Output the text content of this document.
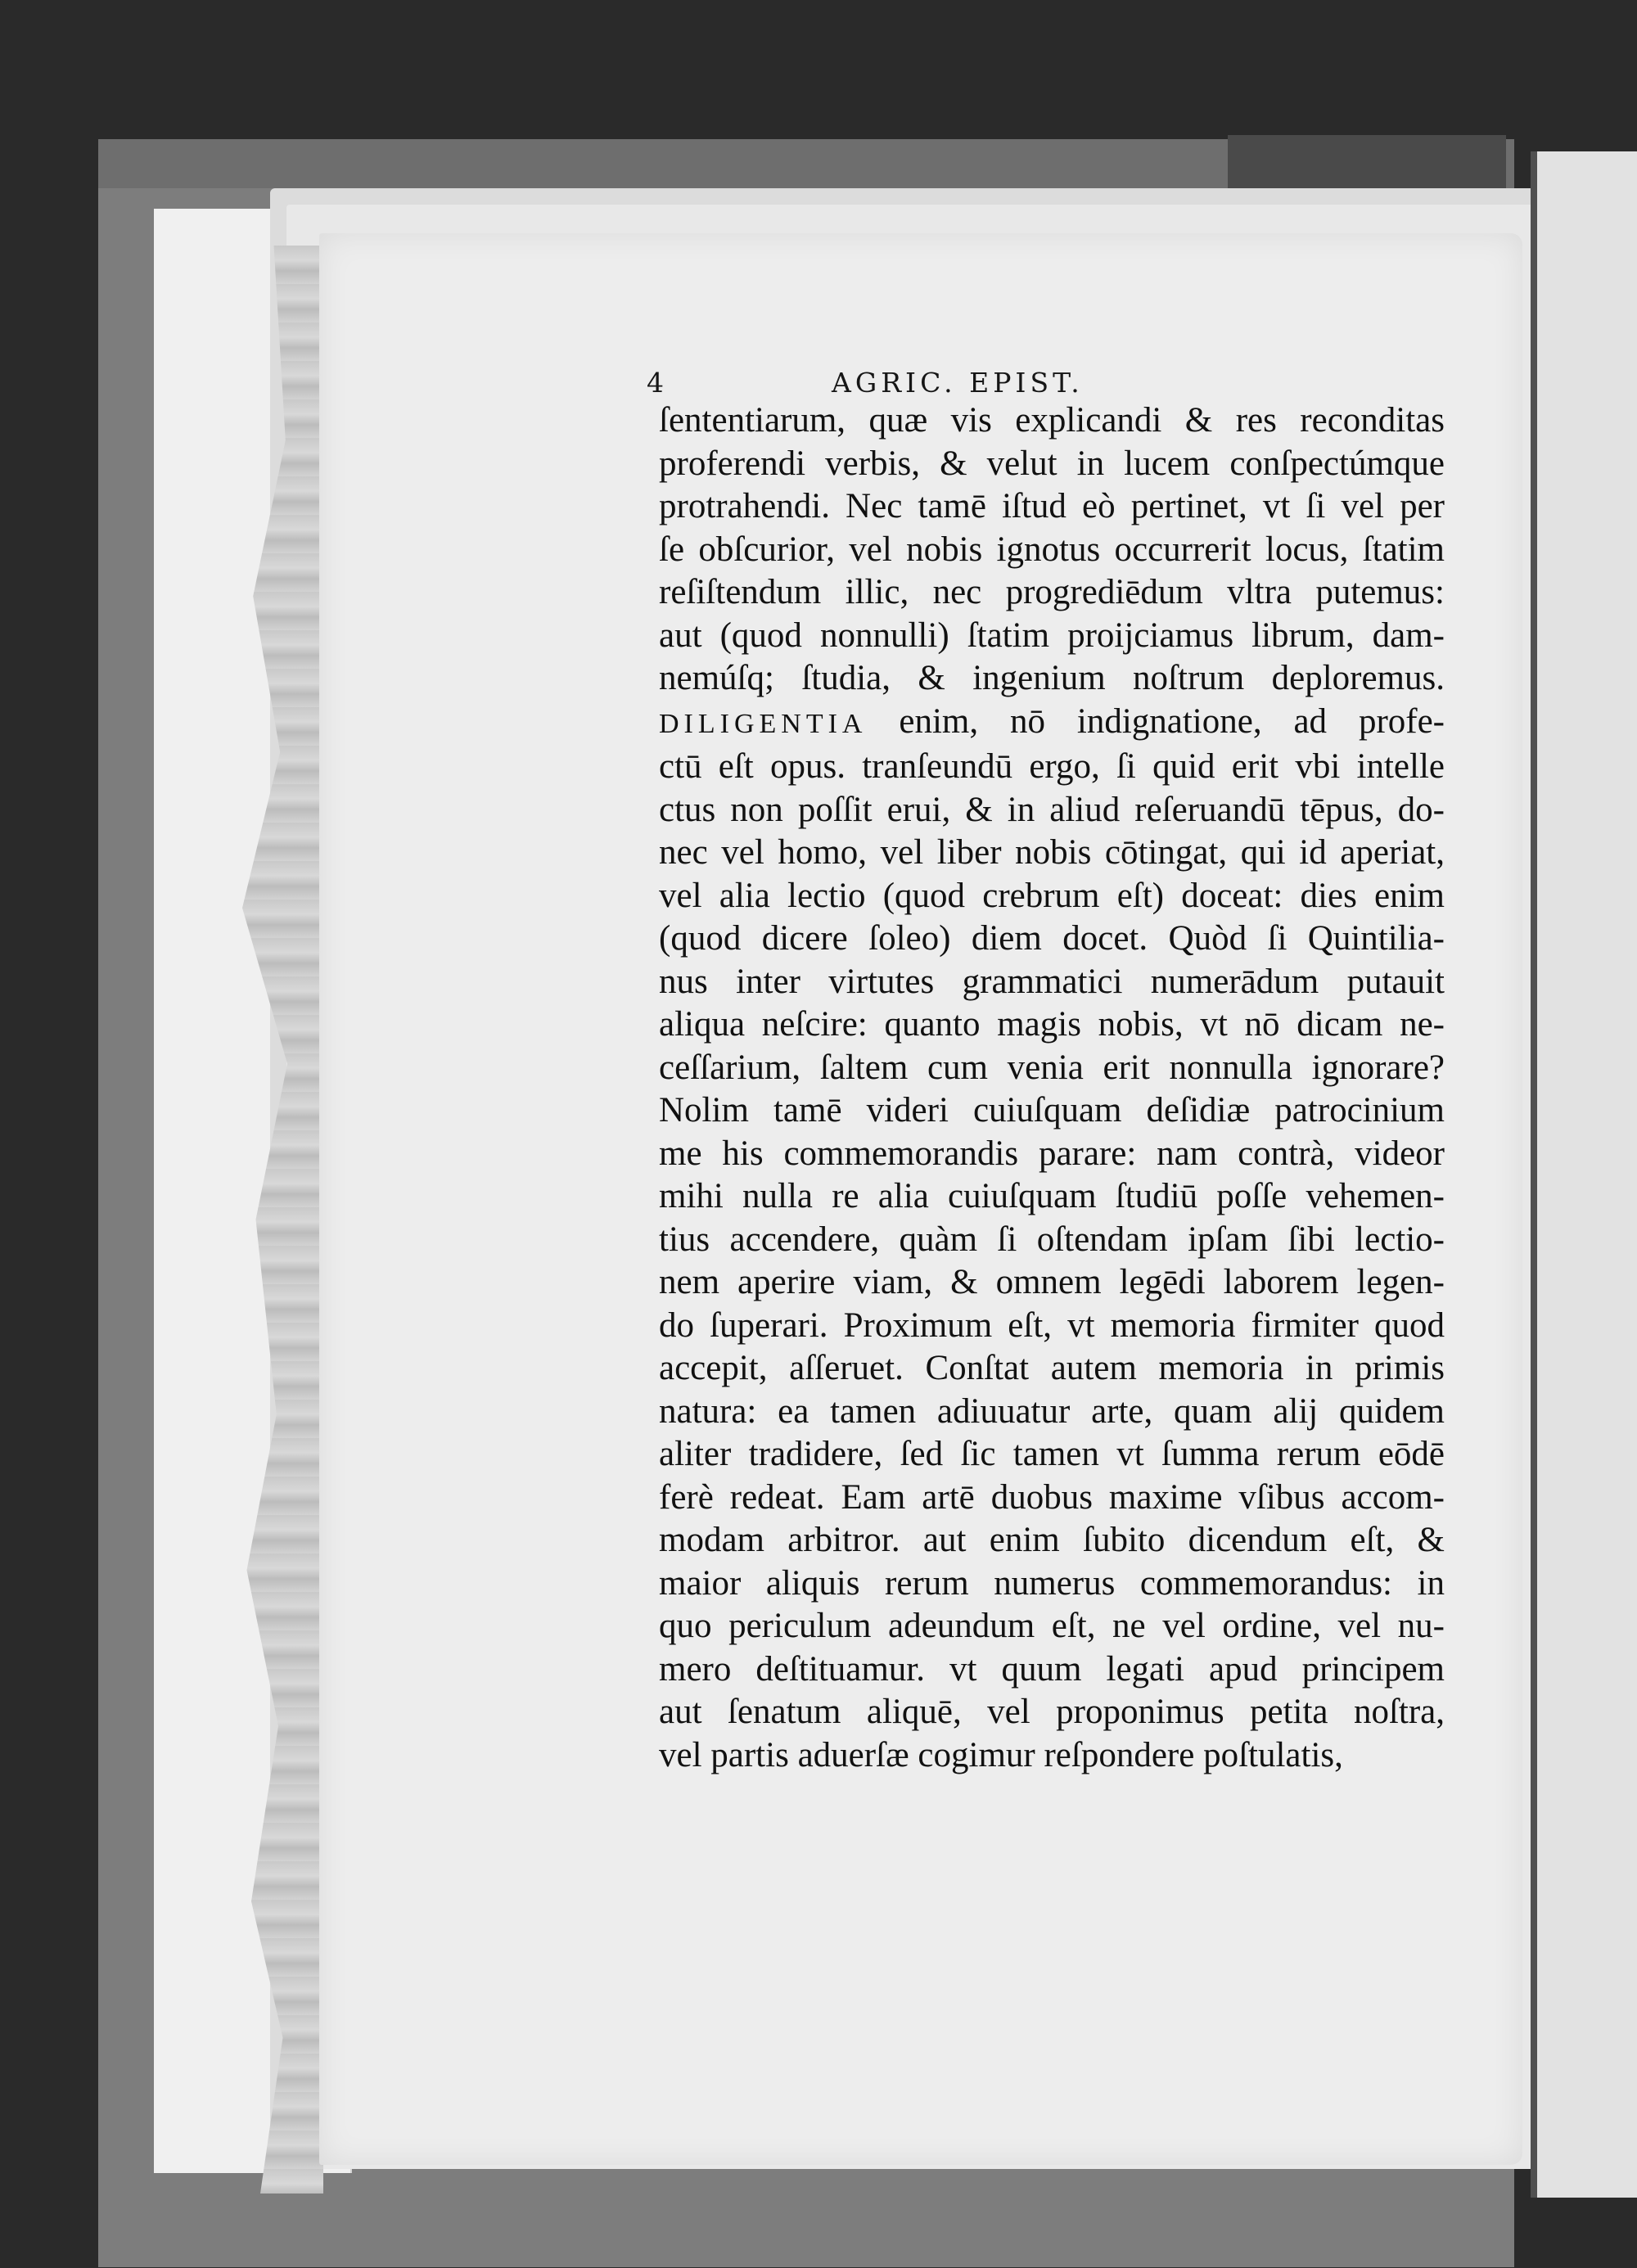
4	AGRIC. EPIST.
ſententiarum, quæ vis explicandi & res reconditas
proferendi verbis, & velut in lucem conſpectúmque
protrahendi. Nec tamē iſtud eò pertinet, vt ſi vel per
ſe obſcurior, vel nobis ignotus occurrerit locus, ſtatim
reſiſtendum illic, nec progrediēdum vltra putemus:
aut (quod nonnulli) ſtatim proijciamus librum, dam-
nemúſq; ſtudia, & ingenium noſtrum deploremus.
DILIGENTIA enim, nō indignatione, ad profe-
ctū eſt opus. tranſeundū ergo, ſi quid erit vbi intelle
ctus non poſſit erui, & in aliud reſeruandū tēpus, do-
nec vel homo, vel liber nobis cōtingat, qui id aperiat,
vel alia lectio (quod crebrum eſt) doceat: dies enim
(quod dicere ſoleo) diem docet. Quòd ſi Quintilia-
nus inter virtutes grammatici numerādum putauit
aliqua neſcire: quanto magis nobis, vt nō dicam ne-
ceſſarium, ſaltem cum venia erit nonnulla ignorare?
Nolim tamē videri cuiuſquam deſidiæ patrocinium
me his commemorandis parare: nam contrà, videor
mihi nulla re alia cuiuſquam ſtudiū poſſe vehemen-
tius accendere, quàm ſi oſtendam ipſam ſibi lectio-
nem aperire viam, & omnem legēdi laborem legen-
do ſuperari. Proximum eſt, vt memoria firmiter quod
accepit, aſſeruet. Conſtat autem memoria in primis
natura: ea tamen adiuuatur arte, quam alij quidem
aliter tradidere, ſed ſic tamen vt ſumma rerum eōdē
ferè redeat. Eam artē duobus maxime vſibus accom-
modam arbitror. aut enim ſubito dicendum eſt, &
maior aliquis rerum numerus commemorandus: in
quo periculum adeundum eſt, ne vel ordine, vel nu-
mero deſtituamur. vt quum legati apud principem
aut ſenatum aliquē, vel proponimus petita noſtra,
vel partis aduerſæ cogimur reſpondere poſtulatis,
